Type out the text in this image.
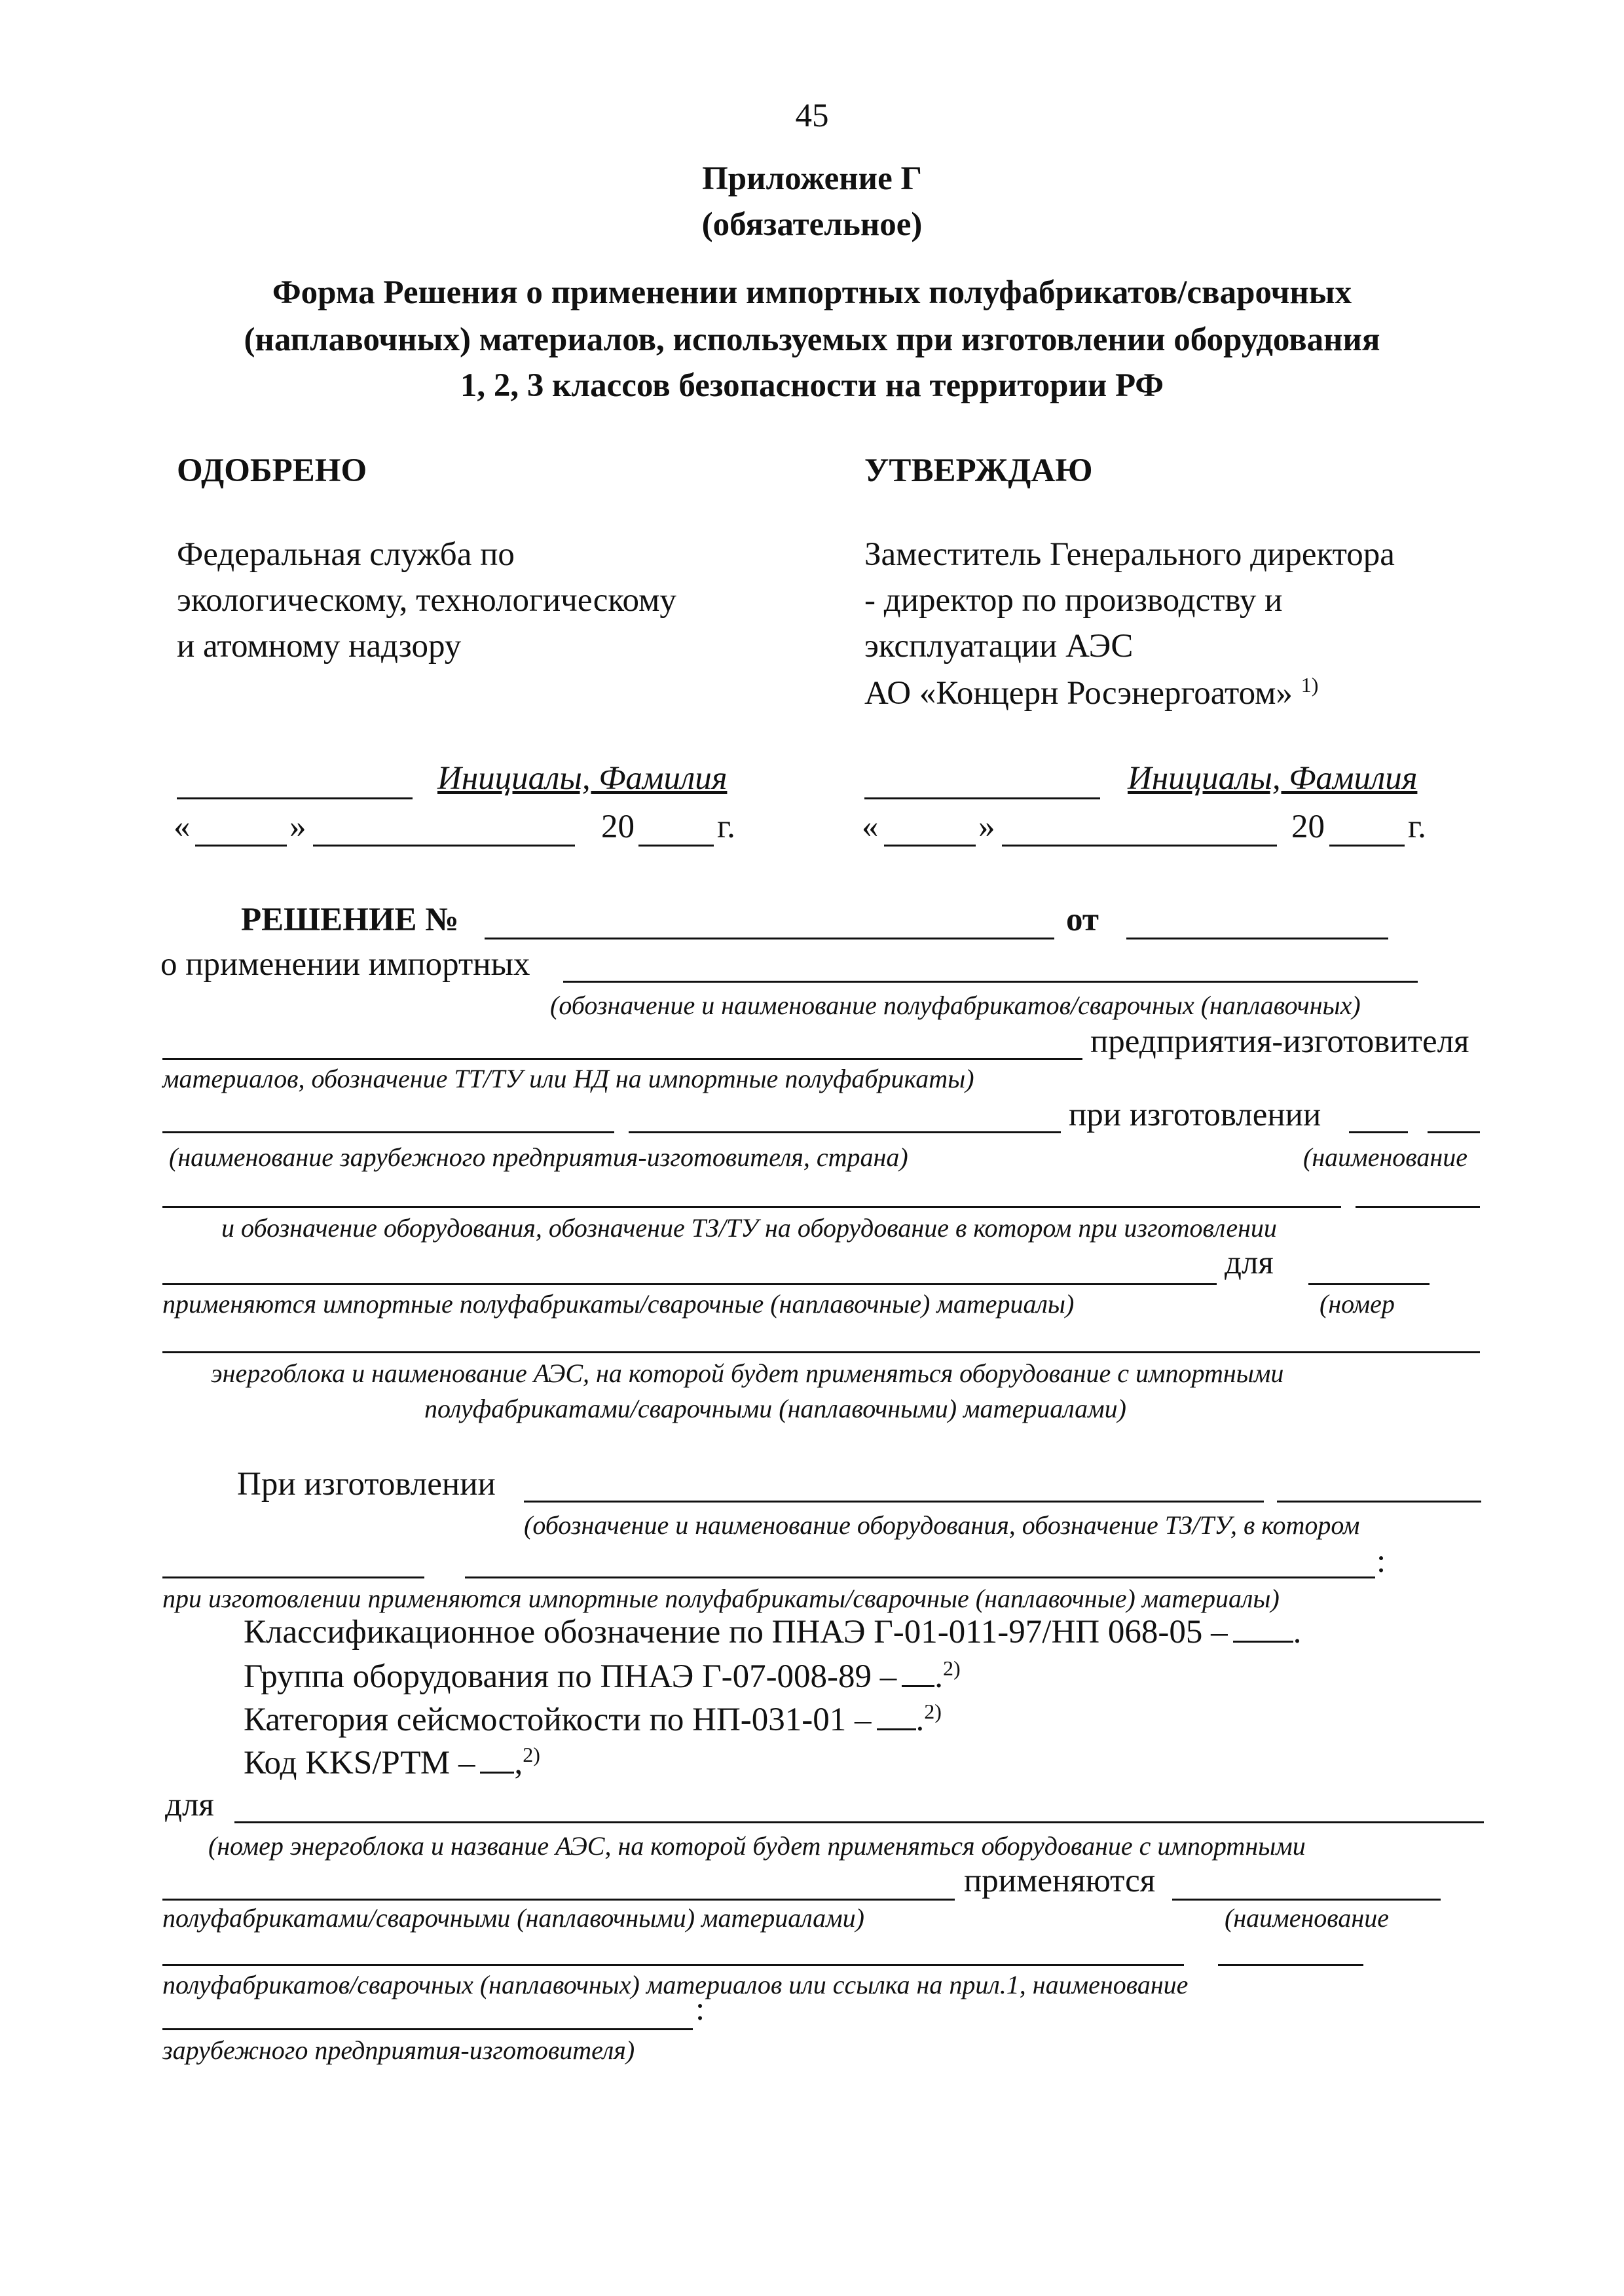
45
Приложение Г
(обязательное)
Форма Решения о применении импортных полуфабрикатов/сварочных
(наплавочных) материалов, используемых при изготовлении оборудования
1, 2, 3 классов безопасности на территории РФ
ОДОБРЕНО
Федеральная служба по
экологическому, технологическому
и атомному надзору
Инициалы, Фамилия
«	»	20 г.
УТВЕРЖДАЮ
Заместитель Генерального директора
- директор по производству и
эксплуатации АЭС
АО «Концерн Росэнергоатом» $^{1)}$
Инициалы, Фамилия
«	»	20 г.
РЕШЕНИЕ №	от
о применении импортных
(обозначение и наименование полуфабрикатов/сварочных (наплавочных)
предприятия-изготовителя
материалов, обозначение ТТ/ТУ или НД на импортные полуфабрикаты)
при изготовлении
(наименование зарубежного предприятия-изготовителя, страна)	(наименование
и обозначение оборудования, обозначение ТЗ/ТУ на оборудование в котором при изготовлении
для
применяются импортные полуфабрикаты/сварочные (наплавочные) материалы)	(номер
энергоблока и наименование АЭС, на которой будет применяться оборудование с импортными
полуфабрикатами/сварочными (наплавочными) материалами)
При изготовлении
(обозначение и наименование оборудования, обозначение ТЗ/ТУ, в котором
:
при изготовлении применяются импортные полуфабрикаты/сварочные (наплавочные) материалы)
Классификационное обозначение по ПНАЭ Г-01-011-97/НП 068-05 – .
Группа оборудования по ПНАЭ Г-07-008-89 – .$^{2)}$
Категория сейсмостойкости по НП-031-01 – .$^{2)}$
Код KKS/РТМ – ,$^{2)}$
для
(номер энергоблока и название АЭС, на которой будет применяться оборудование с импортными
применяются
полуфабрикатами/сварочными (наплавочными) материалами)	(наименование
полуфабрикатов/сварочных (наплавочных) материалов или ссылка на прил.1, наименование
:
зарубежного предприятия-изготовителя)
